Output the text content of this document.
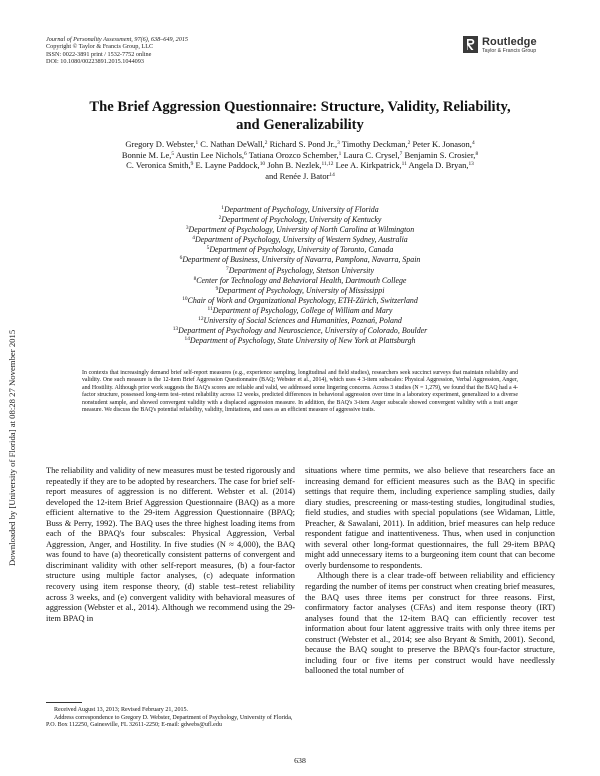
Journal of Personality Assessment, 97(6), 638–649, 2015
Copyright © Taylor & Francis Group, LLC
ISSN: 0022-3891 print / 1532-7752 online
DOI: 10.1080/00223891.2015.1044093
Routledge
Taylor & Francis Group
Downloaded by [University of Florida] at 08:28 27 November 2015
The Brief Aggression Questionnaire: Structure, Validity, Reliability,
and Generalizability
Gregory D. Webster,$^1$ C. Nathan DeWall,$^2$ Richard S. Pond Jr.,$^3$ Timothy Deckman,$^2$ Peter K. Jonason,$^4$
Bonnie M. Le,$^5$ Austin Lee Nichols,$^6$ Tatiana Orozco Schember,$^1$ Laura C. Crysel,$^7$ Benjamin S. Crosier,$^8$
C. Veronica Smith,$^9$ E. Layne Paddock,$^{10}$ John B. Nezlek,$^{11,12}$ Lee A. Kirkpatrick,$^{11}$ Angela D. Bryan,$^{13}$
and Renée J. Bator$^{14}$
$^1$Department of Psychology, University of Florida
$^2$Department of Psychology, University of Kentucky
$^3$Department of Psychology, University of North Carolina at Wilmington
$^4$Department of Psychology, University of Western Sydney, Australia
$^5$Department of Psychology, University of Toronto, Canada
$^6$Department of Business, University of Navarra, Pamplona, Navarra, Spain
$^7$Department of Psychology, Stetson University
$^8$Center for Technology and Behavioral Health, Dartmouth College
$^9$Department of Psychology, University of Mississippi
$^{10}$Chair of Work and Organizational Psychology, ETH-Zürich, Switzerland
$^{11}$Department of Psychology, College of William and Mary
$^{12}$University of Social Sciences and Humanities, Poznań, Poland
$^{13}$Department of Psychology and Neuroscience, University of Colorado, Boulder
$^{14}$Department of Psychology, State University of New York at Plattsburgh
In contexts that increasingly demand brief self-report measures (e.g., experience sampling, longitudinal and field studies), researchers seek succinct surveys that maintain reliability and validity. One such measure is the 12-item Brief Aggression Questionnaire (BAQ; Webster et al., 2014), which uses 4 3-item subscales: Physical Aggression, Verbal Aggression, Anger, and Hostility. Although prior work suggests the BAQ's scores are reliable and valid, we addressed some lingering concerns. Across 3 studies (N = 1,279), we found that the BAQ had a 4-factor structure, possessed long-term test–retest reliability across 12 weeks, predicted differences in behavioral aggression over time in a laboratory experiment, generalized to a diverse nonstudent sample, and showed convergent validity with a displaced aggression measure. In addition, the BAQ's 3-item Anger subscale showed convergent validity with a trait anger measure. We discuss the BAQ's potential reliability, validity, limitations, and uses as an efficient measure of aggressive traits.

The reliability and validity of new measures must be tested rigorously and repeatedly if they are to be adopted by researchers. The case for brief self-report measures of aggression is no different. Webster et al. (2014) developed the 12-item Brief Aggression Questionnaire (BAQ) as a more efficient alternative to the 29-item Aggression Questionnaire (BPAQ; Buss & Perry, 1992). The BAQ uses the three highest loading items from each of the BPAQ's four subscales: Physical Aggression, Verbal Aggression, Anger, and Hostility. In five studies (N ≈ 4,000), the BAQ was found to have (a) theoretically consistent patterns of convergent and discriminant validity with other self-report measures, (b) a four-factor structure using multiple factor analyses, (c) adequate information recovery using item response theory, (d) stable test–retest reliability across 3 weeks, and (e) convergent validity with behavioral measures of aggression (Webster et al., 2014). Although we recommend using the 29-item BPAQ in

situations where time permits, we also believe that researchers face an increasing demand for efficient measures such as the BAQ in specific settings that require them, including experience sampling studies, daily diary studies, prescreening or mass-testing studies, longitudinal studies, field studies, and studies with special populations (see Widaman, Little, Preacher, & Sawalani, 2011). In addition, brief measures can help reduce respondent fatigue and inattentiveness. Thus, when used in conjunction with several other long-format questionnaires, the full 29-item BPAQ might add unnecessary items to a burgeoning item count that can become overly burdensome to respondents.

Although there is a clear trade-off between reliability and efficiency regarding the number of items per construct when creating brief measures, the BAQ uses three items per construct for three reasons. First, confirmatory factor analyses (CFAs) and item response theory (IRT) analyses found that the 12-item BAQ can efficiently recover test information about four latent aggressive traits with only three items per construct (Webster et al., 2014; see also Bryant & Smith, 2001). Second, because the BAQ sought to preserve the BPAQ's four-factor structure, including four or five items per construct would have needlessly ballooned the total number of

Received August 13, 2013; Revised February 21, 2015.

Address correspondence to Gregory D. Webster, Department of Psychology, University of Florida, P.O. Box 112250, Gainesville, FL 32611-2250; E-mail: gdwebs@ufl.edu

638
